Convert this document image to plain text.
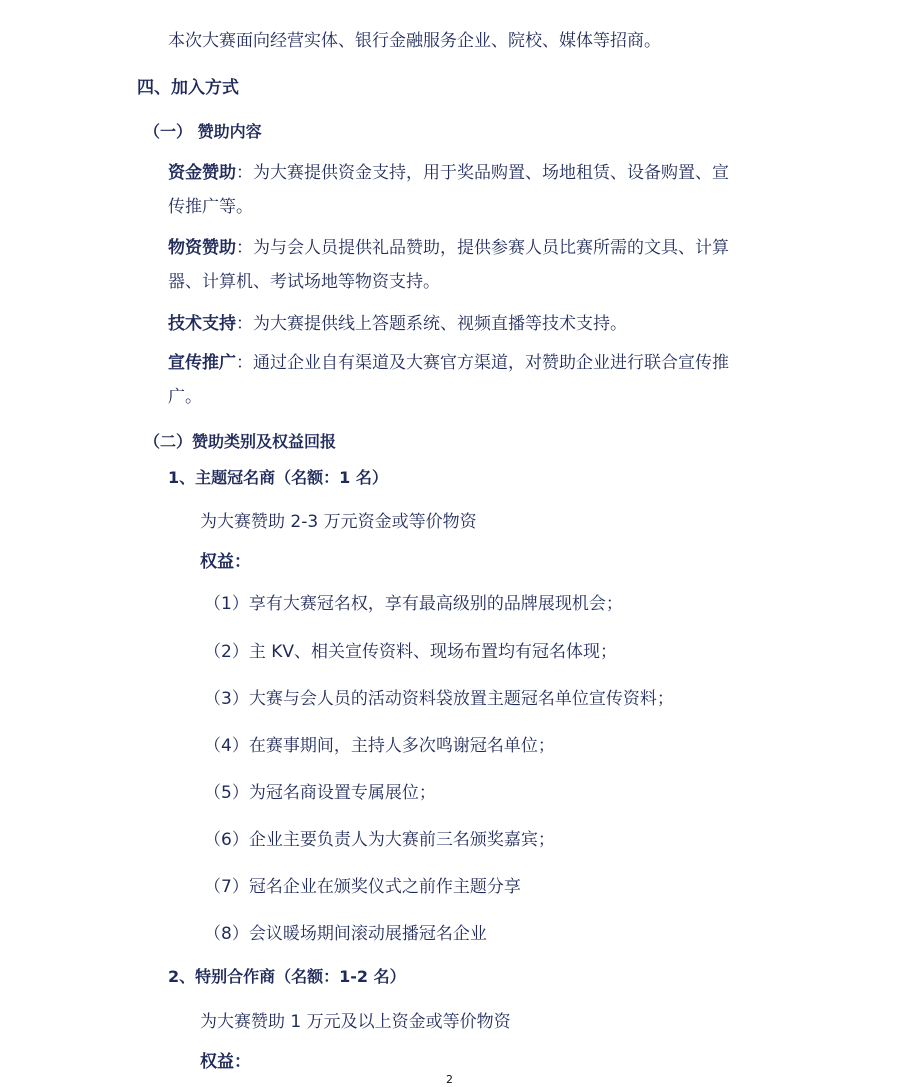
本次大赛面向经营实体、银行金融服务企业、院校、媒体等招商。
四、加入方式
（一） 赞助内容
资金赞助：为大赛提供资金支持，用于奖品购置、场地租赁、设备购置、宣
传推广等。
物资赞助：为与会人员提供礼品赞助，提供参赛人员比赛所需的文具、计算
器、计算机、考试场地等物资支持。
技术支持：为大赛提供线上答题系统、视频直播等技术支持。
宣传推广：通过企业自有渠道及大赛官方渠道，对赞助企业进行联合宣传推
广。
（二）赞助类别及权益回报
1、主题冠名商（名额：1 名）
为大赛赞助 2-3 万元资金或等价物资
权益：
（1）享有大赛冠名权，享有最高级别的品牌展现机会；
（2）主 KV、相关宣传资料、现场布置均有冠名体现；
（3）大赛与会人员的活动资料袋放置主题冠名单位宣传资料；
（4）在赛事期间，主持人多次鸣谢冠名单位；
（5）为冠名商设置专属展位；
（6）企业主要负责人为大赛前三名颁奖嘉宾；
（7）冠名企业在颁奖仪式之前作主题分享
（8）会议暖场期间滚动展播冠名企业
2、特别合作商（名额：1-2 名）
为大赛赞助 1 万元及以上资金或等价物资
权益：
2
